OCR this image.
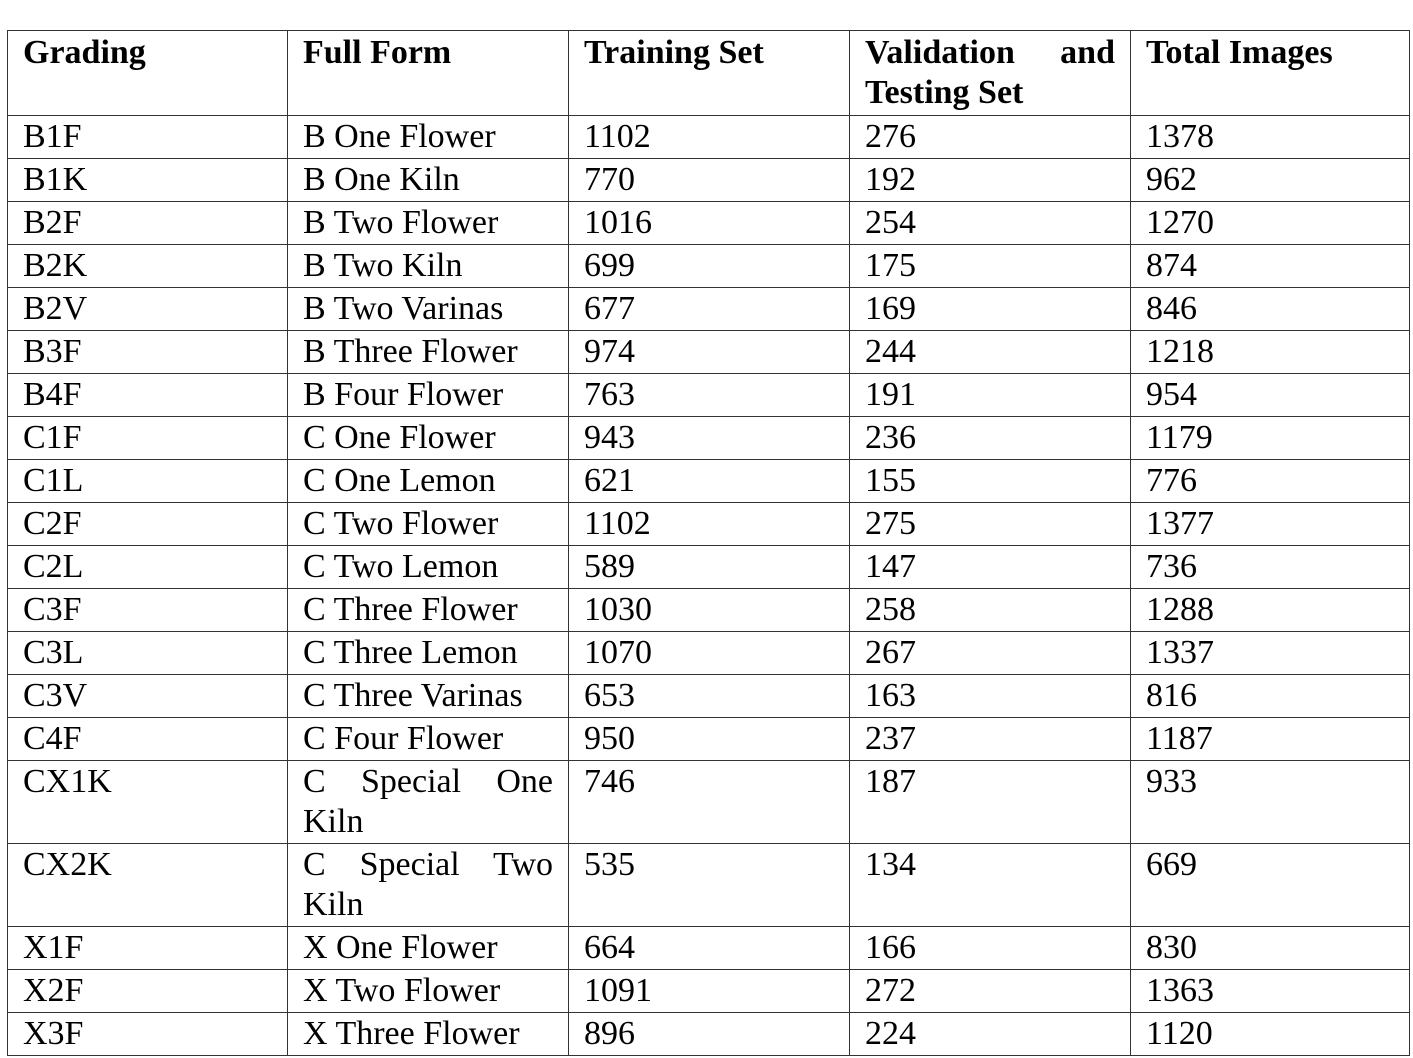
Grading	Full Form	Training Set	Validation and Testing Set	Total Images
B1F	B One Flower	1102	276	1378
B1K	B One Kiln	770	192	962
B2F	B Two Flower	1016	254	1270
B2K	B Two Kiln	699	175	874
B2V	B Two Varinas	677	169	846
B3F	B Three Flower	974	244	1218
B4F	B Four Flower	763	191	954
C1F	C One Flower	943	236	1179
C1L	C One Lemon	621	155	776
C2F	C Two Flower	1102	275	1377
C2L	C Two Lemon	589	147	736
C3F	C Three Flower	1030	258	1288
C3L	C Three Lemon	1070	267	1337
C3V	C Three Varinas	653	163	816
C4F	C Four Flower	950	237	1187
CX1K	C Special One Kiln	746	187	933
CX2K	C Special Two Kiln	535	134	669
X1F	X One Flower	664	166	830
X2F	X Two Flower	1091	272	1363
X3F	X Three Flower	896	224	1120
